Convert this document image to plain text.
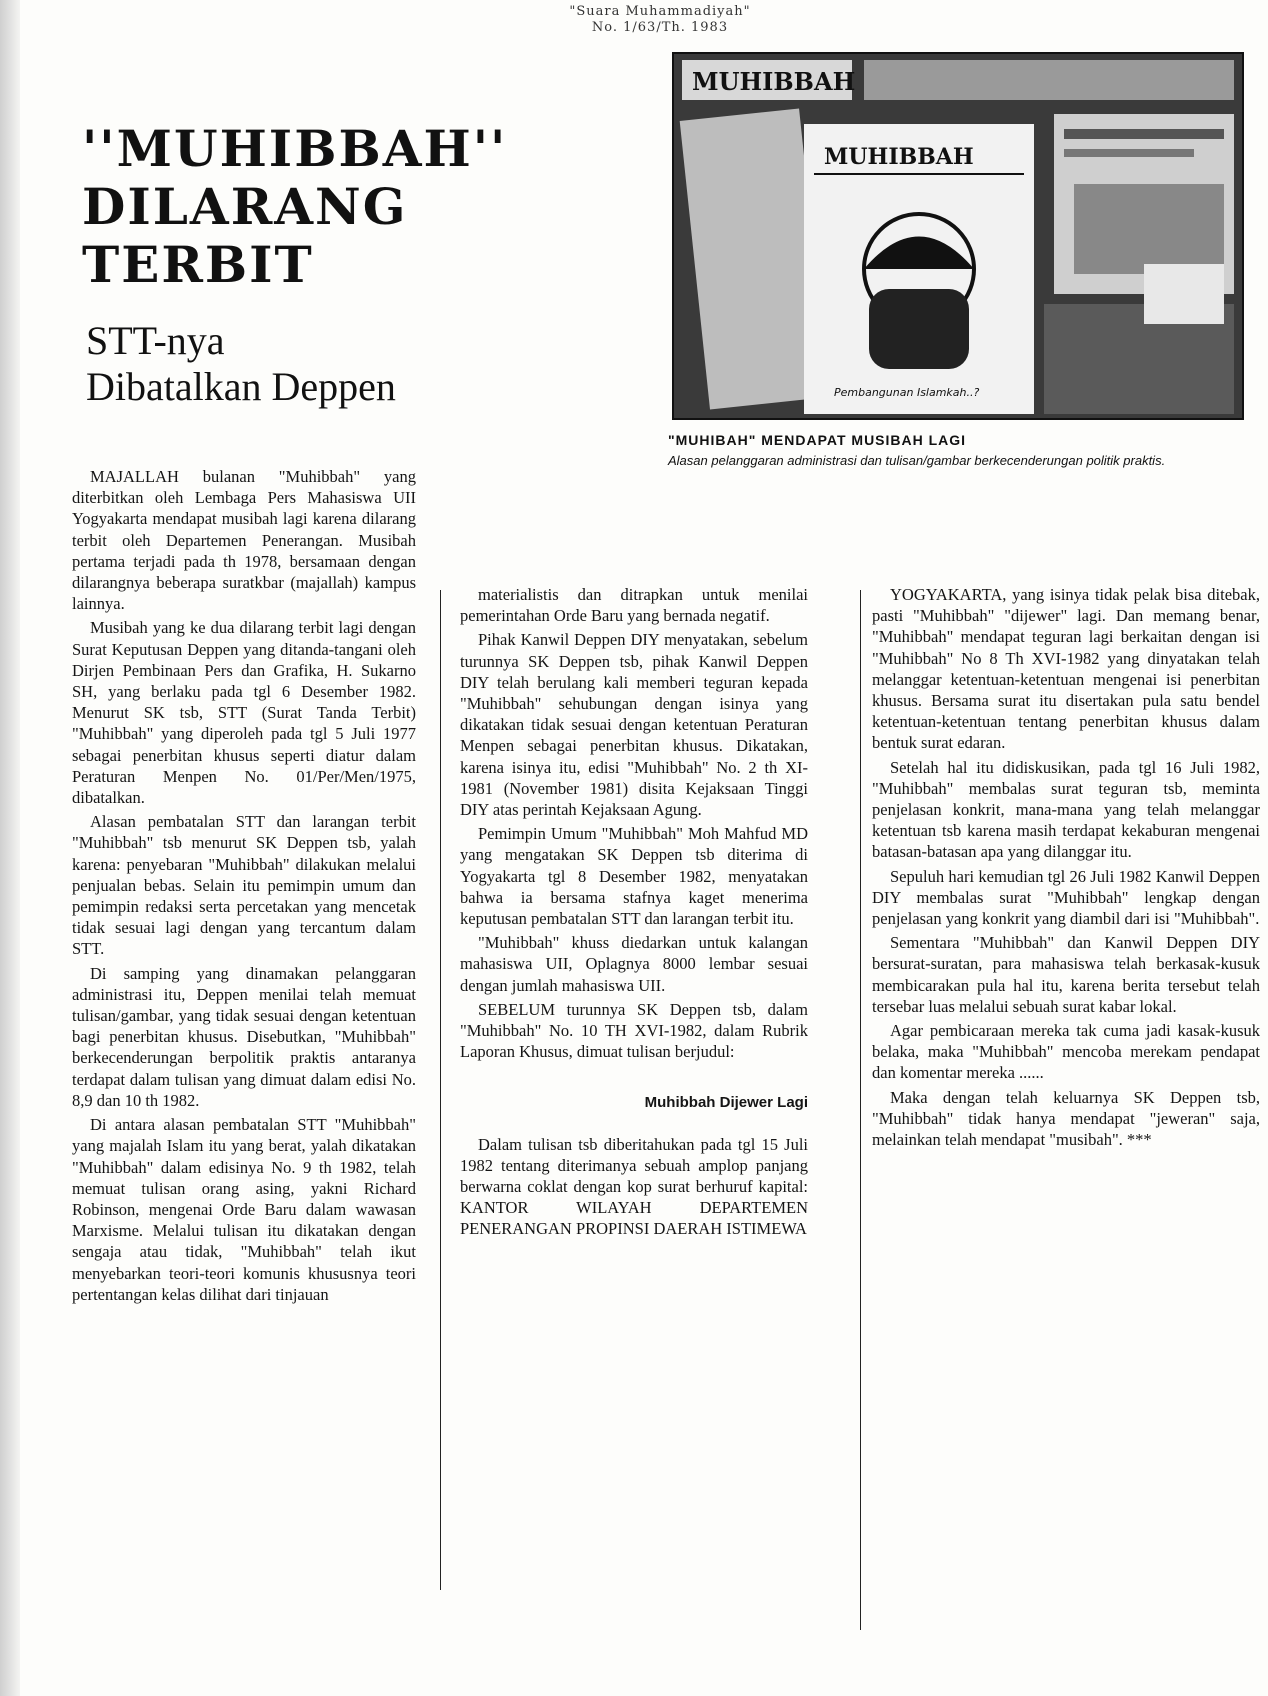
"Suara Muhammadiyah"
No. 1/63/Th. 1983
''MUHIBBAH''
DILARANG
TERBIT
STT-nya
Dibatalkan Deppen
MUHIBBAH
MUHIBBAH
Pembangunan Islamkah..?
"MUHIBAH" MENDAPAT MUSIBAH LAGI
Alasan pelanggaran administrasi dan tulisan/gambar berkecenderungan politik praktis.

MAJALLAH bulanan "Muhibbah" yang diterbitkan oleh Lembaga Pers Mahasiswa UII Yogyakarta mendapat musibah lagi karena dilarang terbit oleh Departemen Penerangan. Musibah pertama terjadi pada th 1978, bersamaan dengan dilarangnya beberapa suratkbar (majallah) kampus lainnya.

Musibah yang ke dua dilarang terbit lagi dengan Surat Keputusan Deppen yang ditanda-tangani oleh Dirjen Pembinaan Pers dan Grafika, H. Sukarno SH, yang berlaku pada tgl 6 Desember 1982. Menurut SK tsb, STT (Surat Tanda Terbit) "Muhibbah" yang diperoleh pada tgl 5 Juli 1977 sebagai penerbitan khusus seperti diatur dalam Peraturan Menpen No. 01/Per/Men/1975, dibatalkan.

Alasan pembatalan STT dan larangan terbit "Muhibbah" tsb menurut SK Deppen tsb, yalah karena: penyebaran "Muhibbah" dilakukan melalui penjualan bebas. Selain itu pemimpin umum dan pemimpin redaksi serta percetakan yang mencetak tidak sesuai lagi dengan yang tercantum dalam STT.

Di samping yang dinamakan pelanggaran administrasi itu, Deppen menilai telah memuat tulisan/gambar, yang tidak sesuai dengan ketentuan bagi penerbitan khusus. Disebutkan, "Muhibbah" berkecenderungan berpolitik praktis antaranya terdapat dalam tulisan yang dimuat dalam edisi No. 8,9 dan 10 th 1982.

Di antara alasan pembatalan STT "Muhibbah" yang majalah Islam itu yang berat, yalah dikatakan "Muhibbah" dalam edisinya No. 9 th 1982, telah memuat tulisan orang asing, yakni Richard Robinson, mengenai Orde Baru dalam wawasan Marxisme. Melalui tulisan itu dikatakan dengan sengaja atau tidak, "Muhibbah" telah ikut menyebarkan teori-teori komunis khususnya teori pertentangan kelas dilihat dari tinjauan

materialistis dan ditrapkan untuk menilai pemerintahan Orde Baru yang bernada negatif.

Pihak Kanwil Deppen DIY menyatakan, sebelum turunnya SK Deppen tsb, pihak Kanwil Deppen DIY telah berulang kali memberi teguran kepada "Muhibbah" sehubungan dengan isinya yang dikatakan tidak sesuai dengan ketentuan Peraturan Menpen sebagai penerbitan khusus. Dikatakan, karena isinya itu, edisi "Muhibbah" No. 2 th XI-1981 (November 1981) disita Kejaksaan Tinggi DIY atas perintah Kejaksaan Agung.

Pemimpin Umum "Muhibbah" Moh Mahfud MD yang mengatakan SK Deppen tsb diterima di Yogyakarta tgl 8 Desember 1982, menyatakan bahwa ia bersama stafnya kaget menerima keputusan pembatalan STT dan larangan terbit itu.

"Muhibbah" khuss diedarkan untuk kalangan mahasiswa UII, Oplagnya 8000 lembar sesuai dengan jumlah mahasiswa UII.

SEBELUM turunnya SK Deppen tsb, dalam "Muhibbah" No. 10 TH XVI-1982, dalam Rubrik Laporan Khusus, dimuat tulisan berjudul:

Muhibbah Dijewer Lagi

Dalam tulisan tsb diberitahukan pada tgl 15 Juli 1982 tentang diterimanya sebuah amplop panjang berwarna coklat dengan kop surat berhuruf kapital: KANTOR WILAYAH DEPARTEMEN PENERANGAN PROPINSI DAERAH ISTIMEWA

YOGYAKARTA, yang isinya tidak pelak bisa ditebak, pasti "Muhibbah" "dijewer" lagi. Dan memang benar, "Muhibbah" mendapat teguran lagi berkaitan dengan isi "Muhibbah" No 8 Th XVI-1982 yang dinyatakan telah melanggar ketentuan-ketentuan mengenai isi penerbitan khusus. Bersama surat itu disertakan pula satu bendel ketentuan-ketentuan tentang penerbitan khusus dalam bentuk surat edaran.

Setelah hal itu didiskusikan, pada tgl 16 Juli 1982, "Muhibbah" membalas surat teguran tsb, meminta penjelasan konkrit, mana-mana yang telah melanggar ketentuan tsb karena masih terdapat kekaburan mengenai batasan-batasan apa yang dilanggar itu.

Sepuluh hari kemudian tgl 26 Juli 1982 Kanwil Deppen DIY membalas surat "Muhibbah" lengkap dengan penjelasan yang konkrit yang diambil dari isi "Muhibbah".

Sementara "Muhibbah" dan Kanwil Deppen DIY bersurat-suratan, para mahasiswa telah berkasak-kusuk membicarakan pula hal itu, karena berita tersebut telah tersebar luas melalui sebuah surat kabar lokal.

Agar pembicaraan mereka tak cuma jadi kasak-kusuk belaka, maka "Muhibbah" mencoba merekam pendapat dan komentar mereka ......

Maka dengan telah keluarnya SK Deppen tsb, "Muhibbah" tidak hanya mendapat "jeweran" saja, melainkan telah mendapat "musibah". ***
